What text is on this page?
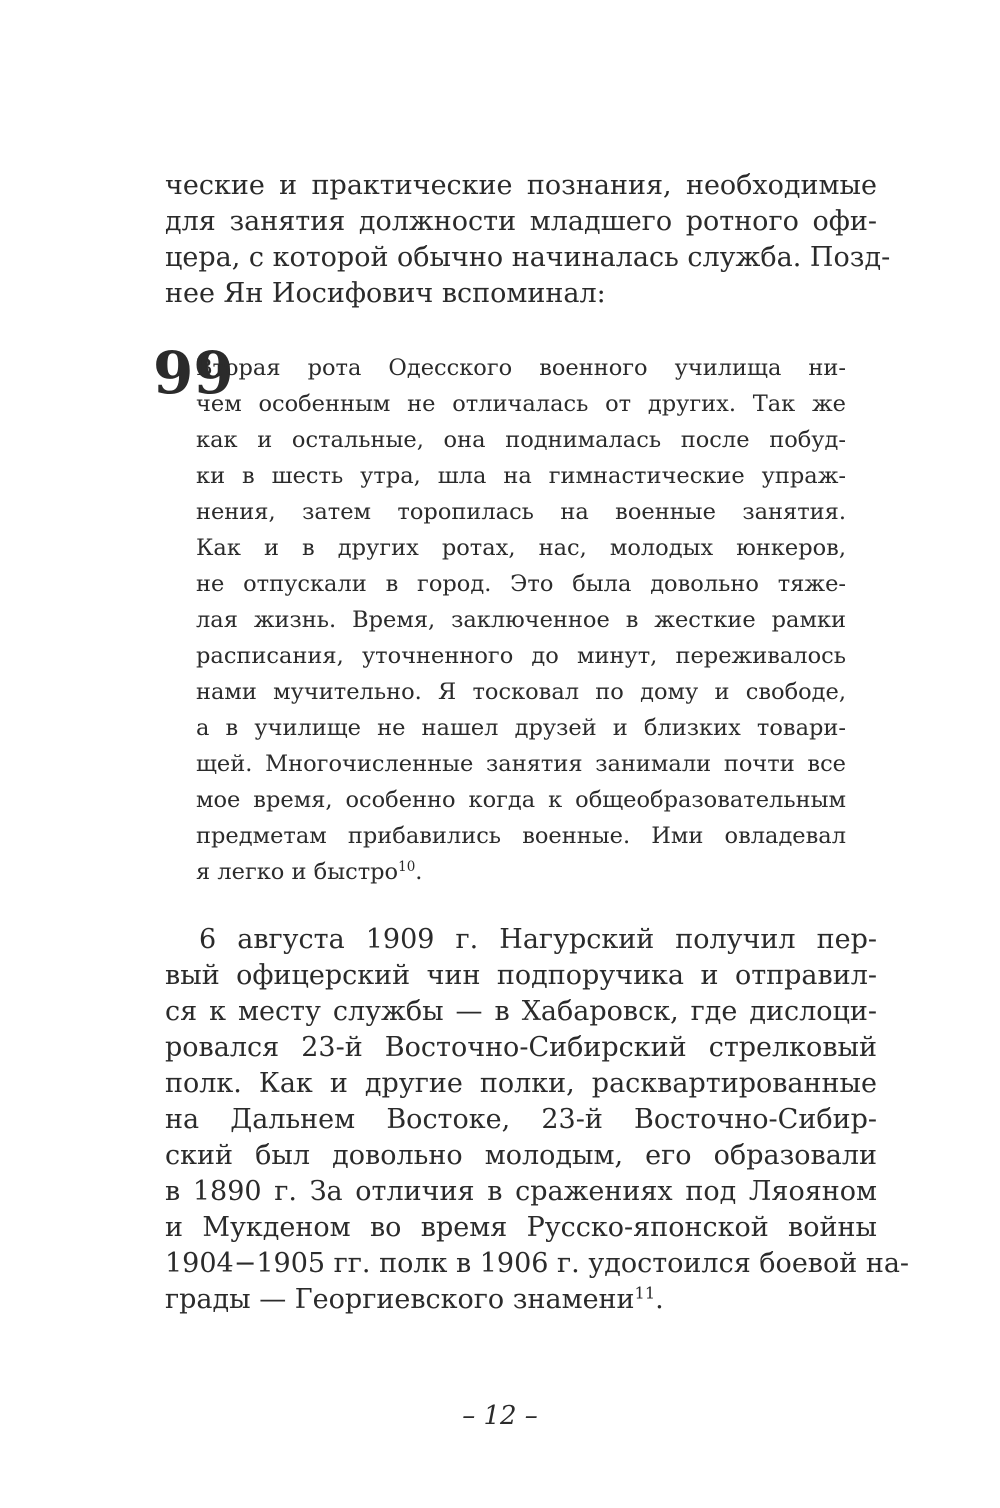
ческие и практические познания, необходимые
для занятия должности младшего ротного офи-
цера, с которой обычно начиналась служба. Позд-
нее Ян Иосифович вспоминал:

99

Вторая рота Одесского военного училища ни-
чем особенным не отличалась от других. Так же
как и остальные, она поднималась после побуд-
ки в шесть утра, шла на гимнастические упраж-
нения, затем торопилась на военные занятия.
Как и в других ротах, нас, молодых юнкеров,
не отпускали в город. Это была довольно тяже-
лая жизнь. Время, заключенное в жесткие рамки
расписания, уточненного до минут, переживалось
нами мучительно. Я тосковал по дому и свободе,
а в училище не нашел друзей и близких товари-
щей. Многочисленные занятия занимали почти все
мое время, особенно когда к общеобразовательным
предметам прибавились военные. Ими овладевал
я легко и быстро$^{10}$.

6 августа 1909 г. Нагурский получил пер-
вый офицерский чин подпоручика и отправил-
ся к месту службы — в Хабаровск, где дислоци-
ровался 23-й Восточно-Сибирский стрелковый
полк. Как и другие полки, расквартированные
на Дальнем Востоке, 23-й Восточно-Сибир-
ский был довольно молодым, его образовали
в 1890 г. За отличия в сражениях под Ляояном
и Мукденом во время Русско-японской войны
1904−1905 гг. полк в 1906 г. удостоился боевой на-
грады — Георгиевского знамени$^{11}$.

– 12 –
